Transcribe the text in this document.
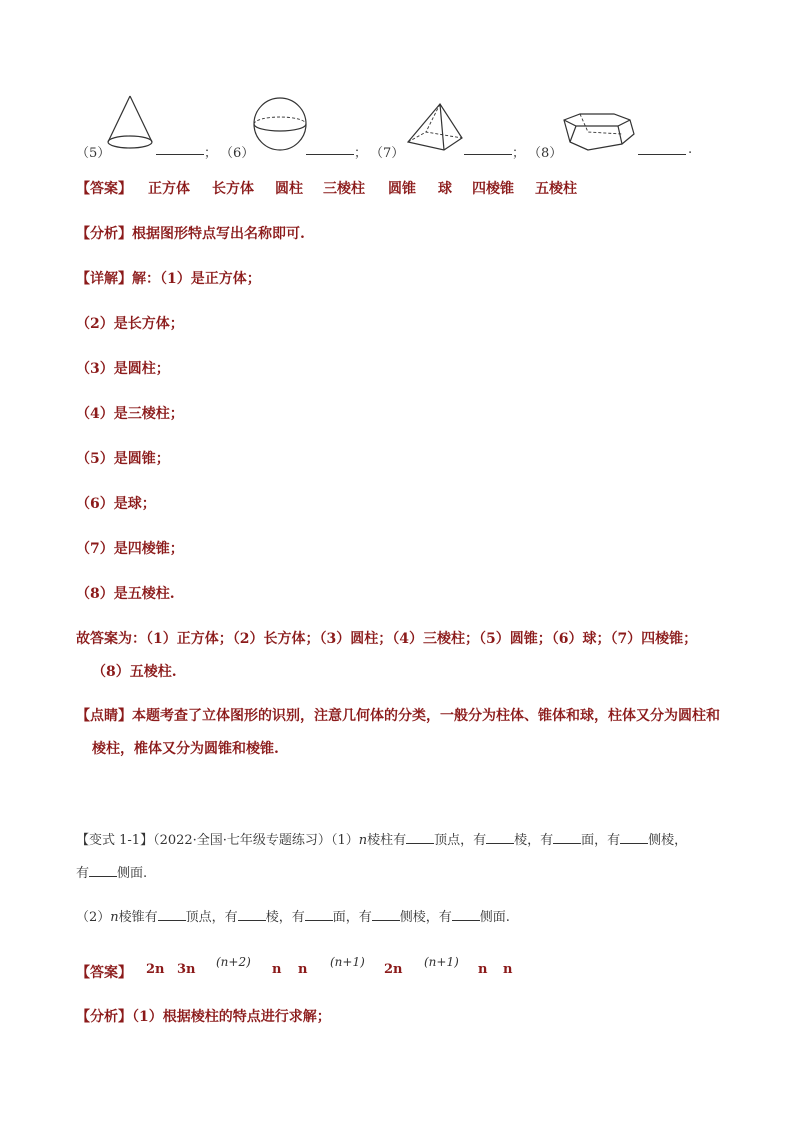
（5）	； （6）	； （7）	； （8）	.
【答案】 正方体 长方体 圆柱 三棱柱 圆锥 球 四棱锥 五棱柱
【分析】根据图形特点写出名称即可.
【详解】解：（1）是正方体；
（2）是长方体；
（3）是圆柱；
（4）是三棱柱；
（5）是圆锥；
（6）是球；
（7）是四棱锥；
（8）是五棱柱.
故答案为：（1）正方体；（2）长方体；（3）圆柱；（4）三棱柱；（5）圆锥；（6）球；（7）四棱锥；
（8）五棱柱.
【点睛】本题考查了立体图形的识别，注意几何体的分类，一般分为柱体、锥体和球，柱体又分为圆柱和
棱柱，椎体又分为圆锥和棱锥.
【变式 1-1】（2022·全国·七年级专题练习）（1）n棱柱有 顶点，有 棱，有 面，有 侧棱，
有 侧面.
（2）n棱锥有 顶点，有 棱，有 面，有 侧棱，有 侧面.
【答案】 2n 3n (n+2) n n (n+1) 2n (n+1) n n
【分析】（1）根据棱柱的特点进行求解；
